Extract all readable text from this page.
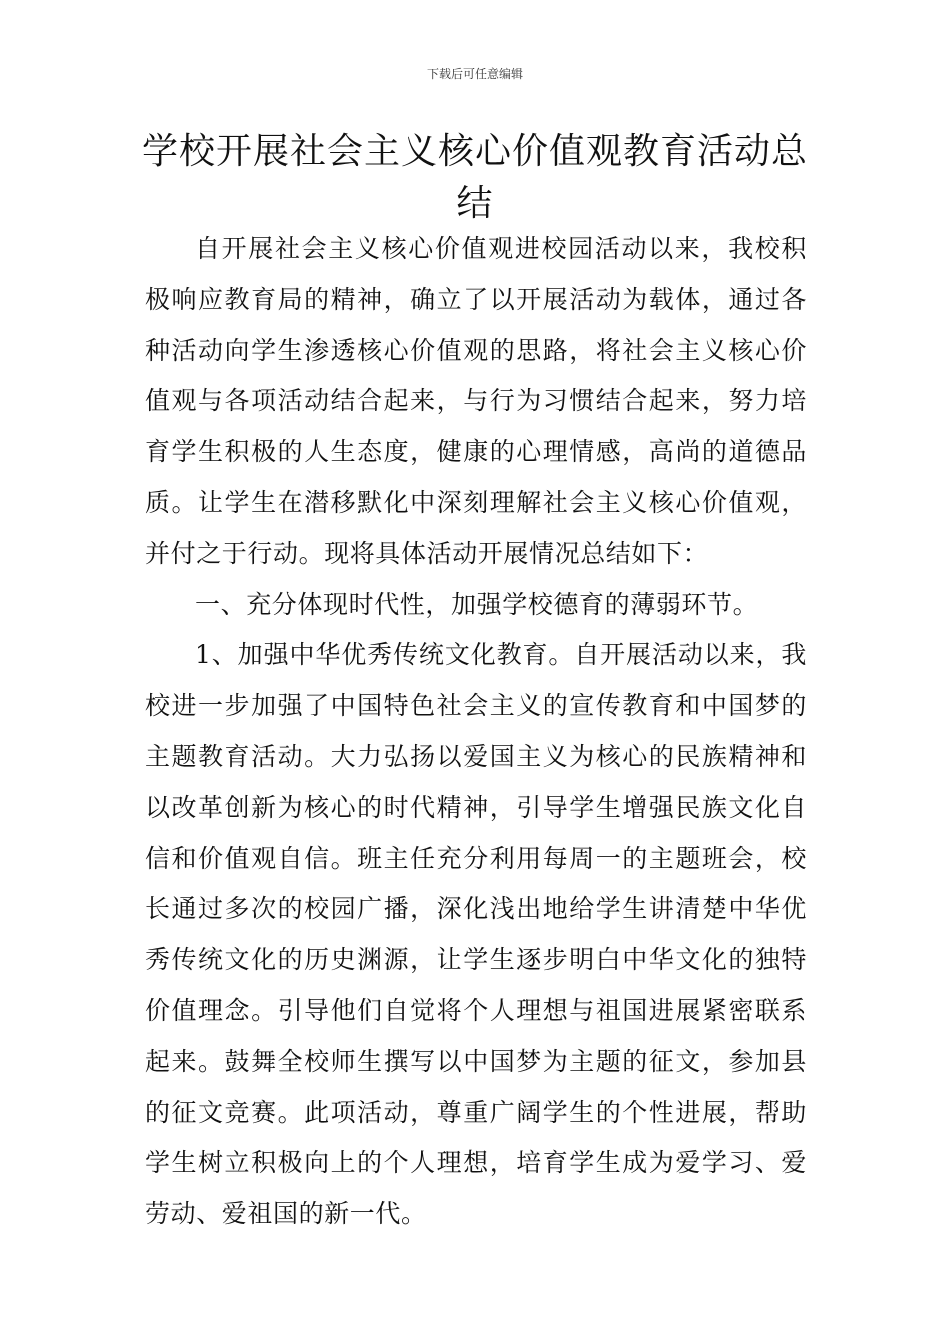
下载后可任意编辑
学校开展社会主义核心价值观教育活动总结

自开展社会主义核心价值观进校园活动以来，我校积极响应教育局的精神，确立了以开展活动为载体，通过各种活动向学生渗透核心价值观的思路，将社会主义核心价值观与各项活动结合起来，与行为习惯结合起来，努力培育学生积极的人生态度，健康的心理情感，高尚的道德品质。让学生在潜移默化中深刻理解社会主义核心价值观，并付之于行动。现将具体活动开展情况总结如下：

一、充分体现时代性，加强学校德育的薄弱环节。

1、加强中华优秀传统文化教育。自开展活动以来，我校进一步加强了中国特色社会主义的宣传教育和中国梦的主题教育活动。大力弘扬以爱国主义为核心的民族精神和以改革创新为核心的时代精神，引导学生增强民族文化自信和价值观自信。班主任充分利用每周一的主题班会，校长通过多次的校园广播，深化浅出地给学生讲清楚中华优秀传统文化的历史渊源，让学生逐步明白中华文化的独特价值理念。引导他们自觉将个人理想与祖国进展紧密联系起来。鼓舞全校师生撰写以中国梦为主题的征文，参加县的征文竞赛。此项活动，尊重广阔学生的个性进展，帮助学生树立积极向上的个人理想，培育学生成为爱学习、爱劳动、爱祖国的新一代。
